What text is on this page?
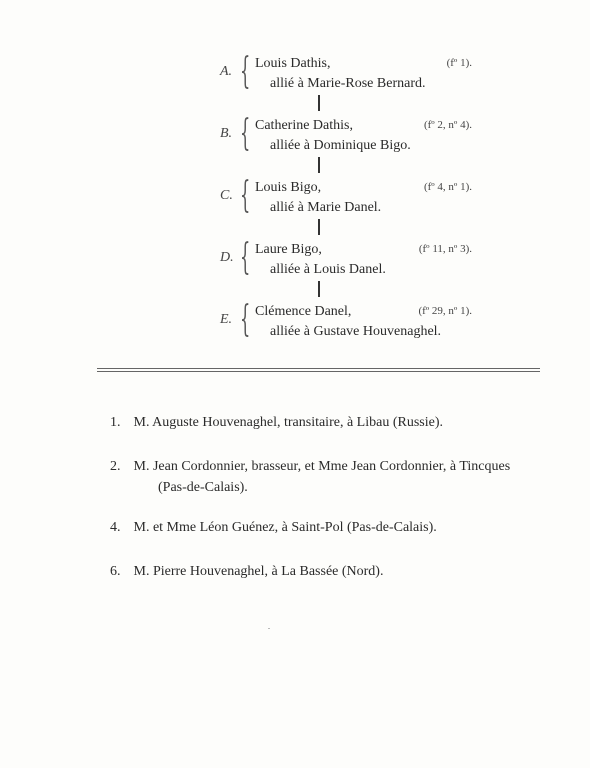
A. { Louis Dathis,
allié à Marie-Rose Bernard.
(fº 1).
B. { Catherine Dathis,
alliée à Dominique Bigo.
(fº 2, nº 4).
C. { Louis Bigo,
allié à Marie Danel.
(fº 4, nº 1).
D. { Laure Bigo,
alliée à Louis Danel.
(fº 11, nº 3).
E. { Clémence Danel,
alliée à Gustave Houvenaghel.
(fº 29, nº 1).
1. M. Auguste Houvenaghel, transitaire, à Libau (Russie).
2. M. Jean Cordonnier, brasseur, et Mme Jean Cordonnier, à Tincques
(Pas-de-Calais).
4. M. et Mme Léon Guénez, à Saint-Pol (Pas-de-Calais).
6. M. Pierre Houvenaghel, à La Bassée (Nord).
